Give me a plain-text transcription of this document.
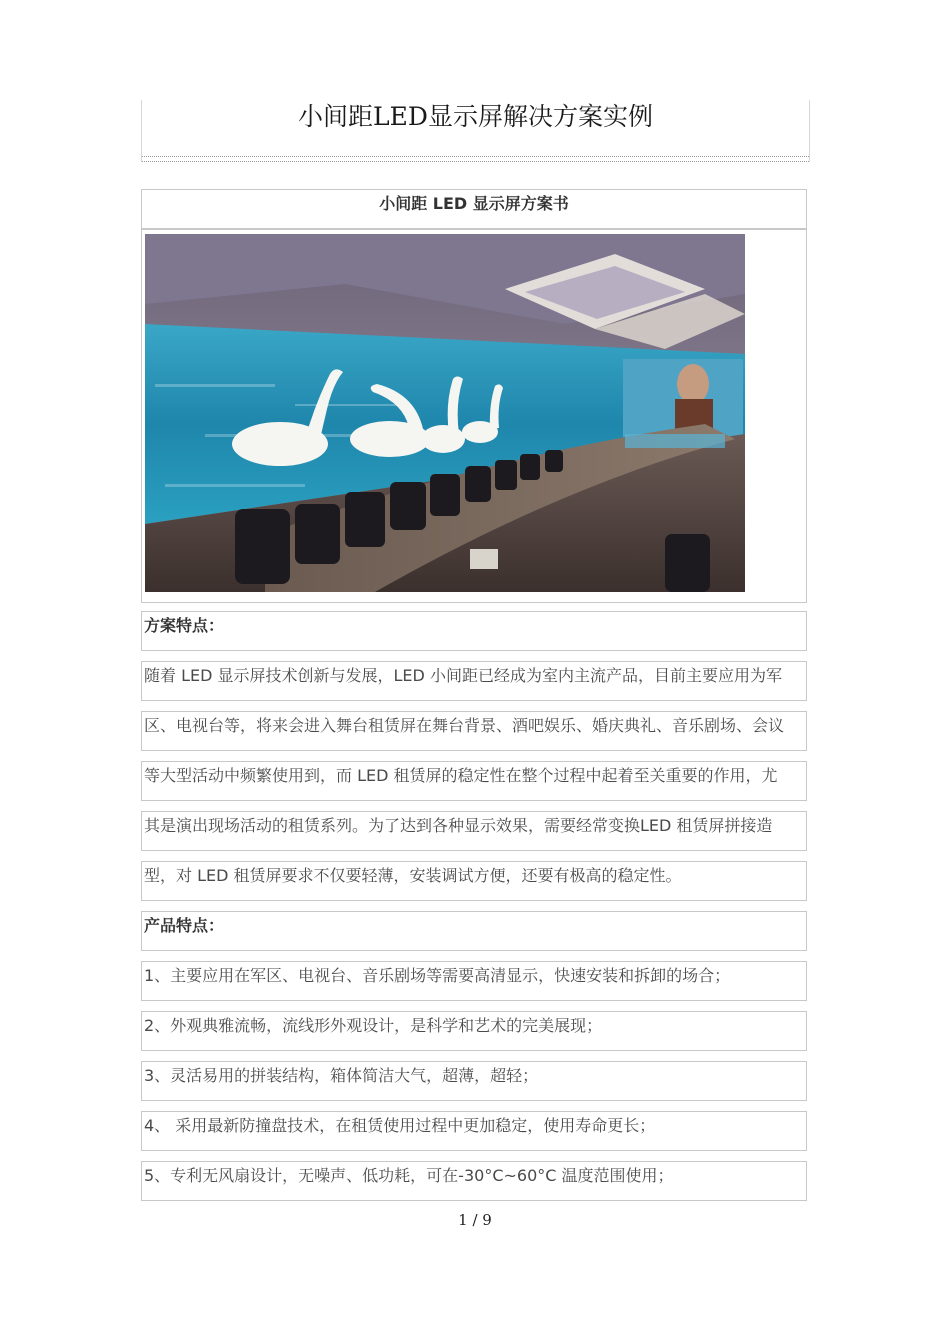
小间距LED显示屏解决方案实例
小间距 LED 显示屏方案书
方案特点：
随着 LED 显示屏技术创新与发展，LED 小间距已经成为室内主流产品，目前主要应用为军
区、电视台等，将来会进入舞台租赁屏在舞台背景、酒吧娱乐、婚庆典礼、音乐剧场、会议
等大型活动中频繁使用到，而 LED 租赁屏的稳定性在整个过程中起着至关重要的作用，尤
其是演出现场活动的租赁系列。为了达到各种显示效果，需要经常变换LED 租赁屏拼接造
型，对 LED 租赁屏要求不仅要轻薄，安装调试方便，还要有极高的稳定性。
产品特点：
1、主要应用在军区、电视台、音乐剧场等需要高清显示，快速安装和拆卸的场合；
2、外观典雅流畅，流线形外观设计，是科学和艺术的完美展现；
3、灵活易用的拼装结构，箱体简洁大气，超薄，超轻；
4、 采用最新防撞盘技术，在租赁使用过程中更加稳定，使用寿命更长；
5、专利无风扇设计，无噪声、低功耗，可在-30°C~60°C 温度范围使用；
1 / 9
